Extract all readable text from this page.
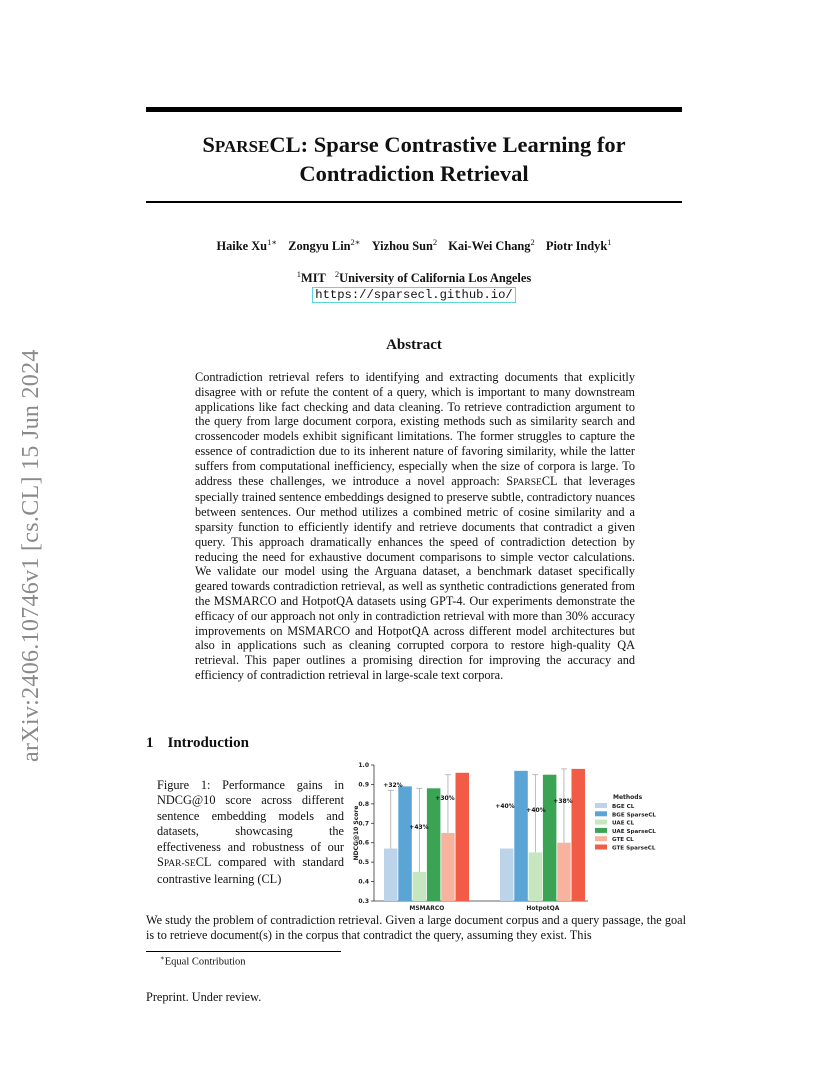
SPARSECL: Sparse Contrastive Learning for
Contradiction Retrieval
Haike $Xu^{1∗}$ Zongyu Lin$^{2∗}$ Yizhou Sun$^2$ Kai-Wei Chang$^2$ Piotr Indyk$^1$
$^1$MIT $^2$University of California Los Angeles
https://sparsecl.github.io/
arXiv:2406.10746v1 [cs.CL] 15 Jun 2024
Abstract
Contradiction retrieval refers to identifying and extracting documents that explicitly disagree with or refute the content of a query, which is important to many downstream applications like fact checking and data cleaning. To retrieve contradiction argument to the query from large document corpora, existing methods such as similarity search and crossencoder models exhibit significant limitations. The former struggles to capture the essence of contradiction due to its inherent nature of favoring similarity, while the latter suffers from computational inefficiency, especially when the size of corpora is large. To address these challenges, we introduce a novel approach: SPARSECL that leverages specially trained sentence embeddings designed to preserve subtle, contradictory nuances between sentences. Our method utilizes a combined metric of cosine similarity and a sparsity function to efficiently identify and retrieve documents that contradict a given query. This approach dramatically enhances the speed of contradiction detection by reducing the need for exhaustive document comparisons to simple vector calculations. We validate our model using the Arguana dataset, a benchmark dataset specifically geared towards contradiction retrieval, as well as synthetic contradictions generated from the MSMARCO and HotpotQA datasets using GPT-4. Our experiments demonstrate the efficacy of our approach not only in contradiction retrieval with more than 30% accuracy improvements on MSMARCO and HotpotQA across different model architectures but also in applications such as cleaning corrupted corpora to restore high-quality QA retrieval. This paper outlines a promising direction for improving the accuracy and efficiency of contradiction retrieval in large-scale text corpora.
1 Introduction
Figure 1: Performance gains in NDCG@10 score across different sentence embedding models and datasets, showcasing the effectiveness and robustness of our SPAR-SECL compared with standard contrastive learning (CL)
0.3
0.4
0.5
0.6
0.7
0.8
0.9
1.0
NDCG@10 Score
MSMARCO	HotpotQA
+32%
+43%
+30%
+40%
+40%
+38%
Methods
BGE CL
BGE SparseCL
UAE CL
UAE SparseCL
GTE CL
GTE SparseCL
We study the problem of contradiction retrieval. Given a large document corpus and a query passage, the goal is to retrieve document(s) in the corpus that contradict the query, assuming they exist. This
∗Equal Contribution
Preprint. Under review.
